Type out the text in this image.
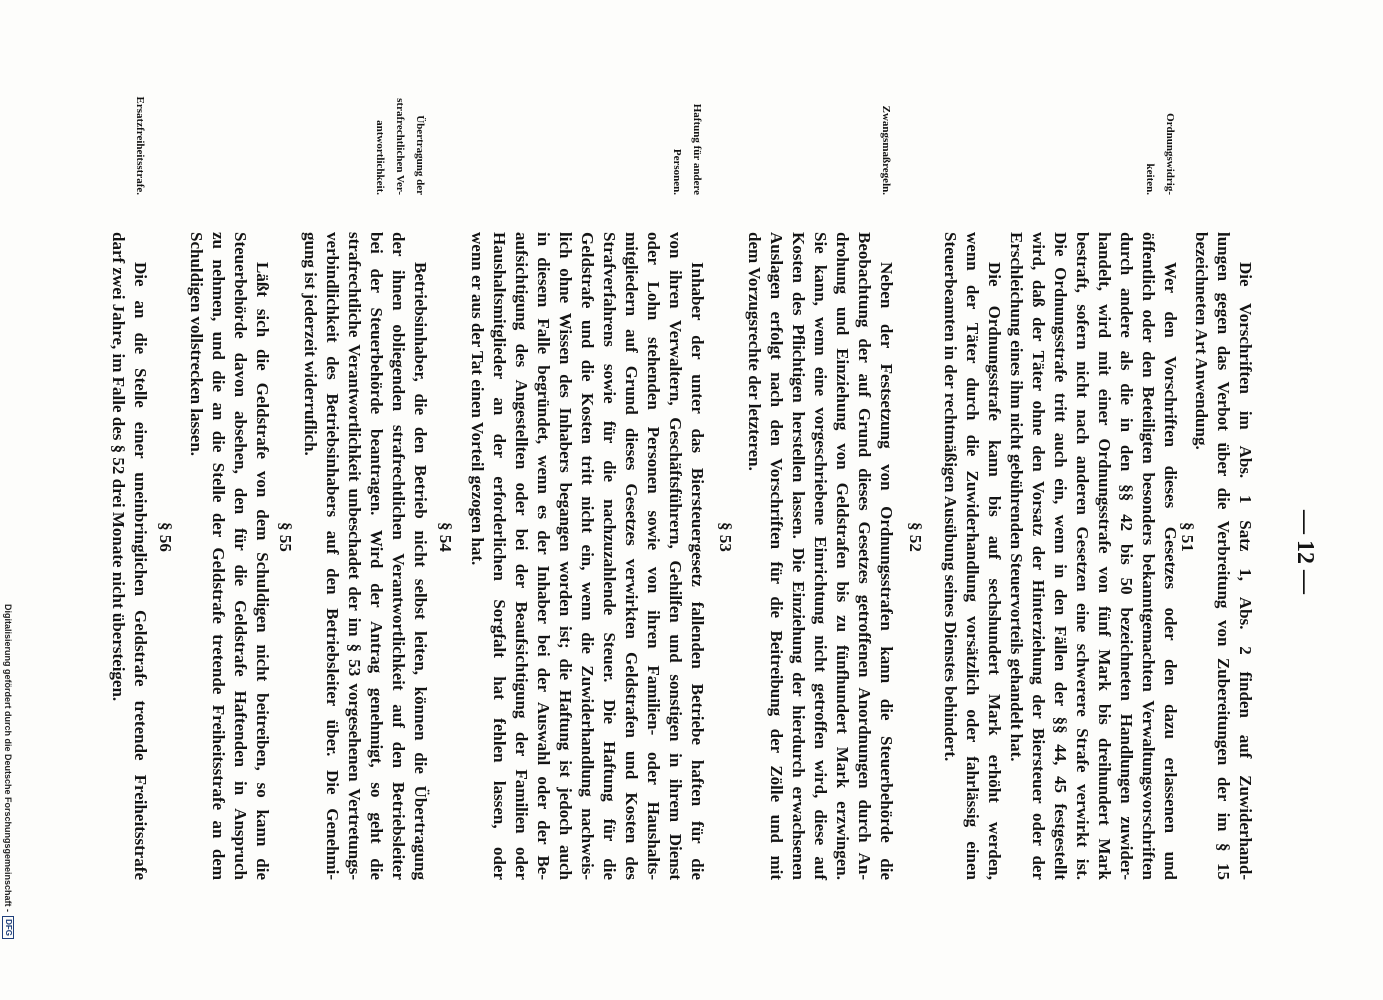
— 12 —
Die Vorschriften im Abs. 1 Satz 1, Abs. 2 finden auf Zuwiderhand-
lungen gegen das Verbot über die Verbreitung von Zubereitungen der im § 15
bezeichneten Art Anwendung.
§ 51
Wer den Vorschriften dieses Gesetzes oder den dazu erlassenen und
öffentlich oder den Beteiligten besonders bekanntgemachten Verwaltungsvorschriften
durch andere als die in den §§ 42 bis 50 bezeichneten Handlungen zuwider-
handelt, wird mit einer Ordnungsstrafe von fünf Mark bis dreihundert Mark
bestraft, sofern nicht nach anderen Gesetzen eine schwerere Strafe verwirkt ist.
Die Ordnungsstrafe tritt auch ein, wenn in den Fällen der §§ 44, 45 festgestellt
wird, daß der Täter ohne den Vorsatz der Hinterziehung der Biersteuer oder der
Erschleichung eines ihm nicht gebührenden Steuervorteils gehandelt hat.
Die Ordnungsstrafe kann bis auf sechshundert Mark erhöht werden,
wenn der Täter durch die Zuwiderhandlung vorsätzlich oder fahrlässig einen
Steuerbeamten in der rechtmäßigen Ausübung seines Dienstes behindert.
Ordnungswidrig-
keiten.
§ 52
Neben der Festsetzung von Ordnungsstrafen kann die Steuerbehörde die
Beobachtung der auf Grund dieses Gesetzes getroffenen Anordnungen durch An-
drohung und Einziehung von Geldstrafen bis zu fünfhundert Mark erzwingen.
Sie kann, wenn eine vorgeschriebene Einrichtung nicht getroffen wird, diese auf
Kosten des Pflichtigen herstellen lassen. Die Einziehung der hierdurch erwachsenen
Auslagen erfolgt nach den Vorschriften für die Beitreibung der Zölle und mit
dem Vorzugsrechte der letzteren.
Zwangsmaßregeln.
§ 53
Inhaber der unter das Biersteuergesetz fallenden Betriebe haften für die
von ihren Verwaltern, Geschäftsführern, Gehilfen und sonstigen in ihrem Dienst
oder Lohn stehenden Personen sowie von ihren Familien- oder Haushalts-
mitgliedern auf Grund dieses Gesetzes verwirkten Geldstrafen und Kosten des
Strafverfahrens sowie für die nachzuzahlende Steuer. Die Haftung für die
Geldstrafe und die Kosten tritt nicht ein, wenn die Zuwiderhandlung nachweis-
lich ohne Wissen des Inhabers begangen worden ist; die Haftung ist jedoch auch
in diesem Falle begründet, wenn es der Inhaber bei der Auswahl oder der Be-
aufsichtigung des Angestellten oder bei der Beaufsichtigung der Familien oder
Haushaltsmitglieder an der erforderlichen Sorgfalt hat fehlen lassen, oder
wenn er aus der Tat einen Vorteil gezogen hat.
Haftung für andere
Personen.
§ 54
Betriebsinhaber, die den Betrieb nicht selbst leiten, können die Übertragung
der ihnen obliegenden strafrechtlichen Verantwortlichkeit auf den Betriebsleiter
bei der Steuerbehörde beantragen. Wird der Antrag genehmigt, so geht die
strafrechtliche Verantwortlichkeit unbeschadet der im § 53 vorgesehenen Vertretungs-
verbindlichkeit des Betriebsinhabers auf den Betriebsleiter über. Die Genehmi-
gung ist jederzeit widerruflich.
Übertragung der
strafrechtlichen Ver-
antwortlichkeit.
§ 55
Läßt sich die Geldstrafe von dem Schuldigen nicht beitreiben, so kann die
Steuerbehörde davon absehen, den für die Geldstrafe Haftenden in Anspruch
zu nehmen, und die an die Stelle der Geldstrafe tretende Freiheitsstrafe an dem
Schuldigen vollstrecken lassen.
§ 56
Die an die Stelle einer uneinbringlichen Geldstrafe tretende Freiheitsstrafe
darf zwei Jahre, im Falle des § 52 drei Monate nicht übersteigen.
Ersatzfreiheitsstrafe.
Digitalisierung gefördert durch die Deutsche Forschungsgemeinschaft -
DFG
